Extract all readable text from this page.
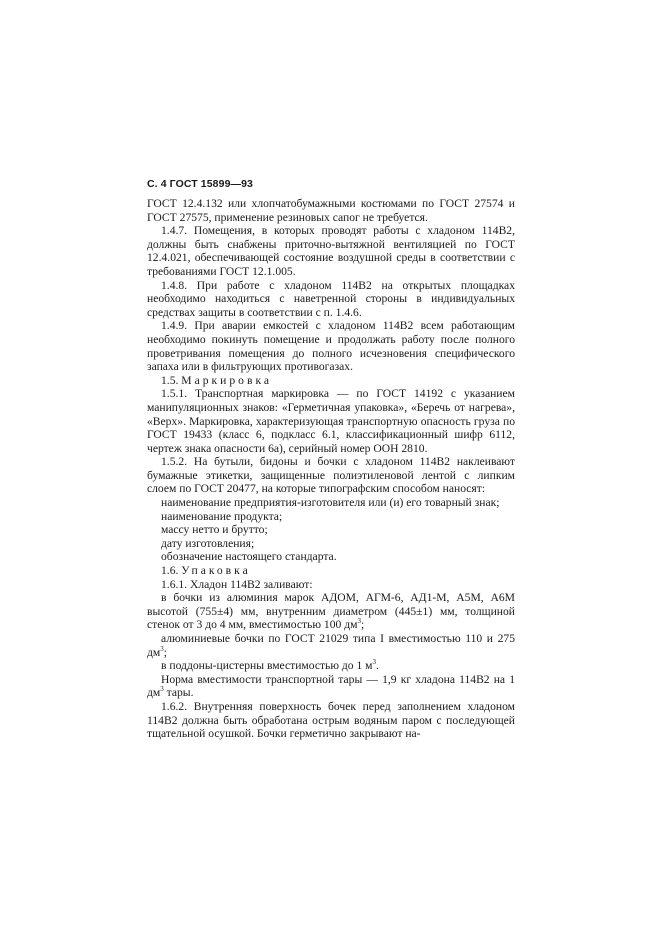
С. 4 ГОСТ 15899—93

ГОСТ 12.4.132 или хлопчатобумажными костюмами по ГОСТ 27574 и ГОСТ 27575, применение резиновых сапог не требуется.

1.4.7. Помещения, в которых проводят работы с хладоном 114В2, должны быть снабжены приточно-вытяжной вентиляцией по ГОСТ 12.4.021, обеспечивающей состояние воздушной среды в соответствии с требованиями ГОСТ 12.1.005.

1.4.8. При работе с хладоном 114В2 на открытых площадках необходимо находиться с наветренной стороны в индивидуальных средствах защиты в соответствии с п. 1.4.6.

1.4.9. При аварии емкостей с хладоном 114В2 всем работающим необходимо покинуть помещение и продолжать работу после полного проветривания помещения до полного исчезновения специфического запаха или в фильтрующих противогазах.

1.5. Маркировка

1.5.1. Транспортная маркировка — по ГОСТ 14192 с указанием манипуляционных знаков: «Герметичная упаковка», «Беречь от нагрева», «Верх». Маркировка, характеризующая транспортную опасность груза по ГОСТ 19433 (класс 6, подкласс 6.1, классификационный шифр 6112, чертеж знака опасности 6а), серийный номер ООН 2810.

1.5.2. На бутыли, бидоны и бочки с хладоном 114В2 наклеивают бумажные этикетки, защищенные полиэтиленовой лентой с липким слоем по ГОСТ 20477, на которые типографским способом наносят:

наименование предприятия-изготовителя или (и) его товарный знак;

наименование продукта;

массу нетто и брутто;

дату изготовления;

обозначение настоящего стандарта.

1.6. Упаковка

1.6.1. Хладон 114В2 заливают:

в бочки из алюминия марок АДОМ, АГМ-6, АД1-М, А5М, А6М высотой (755±4) мм, внутренним диаметром (445±1) мм, толщиной стенок от 3 до 4 мм, вместимостью 100 $дм^3$;

алюминиевые бочки по ГОСТ 21029 типа I вместимостью 110 и 275 $дм^3$;

в поддоны-цистерны вместимостью до 1 $м^3$.

Норма вместимости транспортной тары — 1,9 кг хладона 114В2 на 1 $дм^3$ тары.

1.6.2. Внутренняя поверхность бочек перед заполнением хладоном 114В2 должна быть обработана острым водяным паром с последующей тщательной осушкой. Бочки герметично закрывают на-
